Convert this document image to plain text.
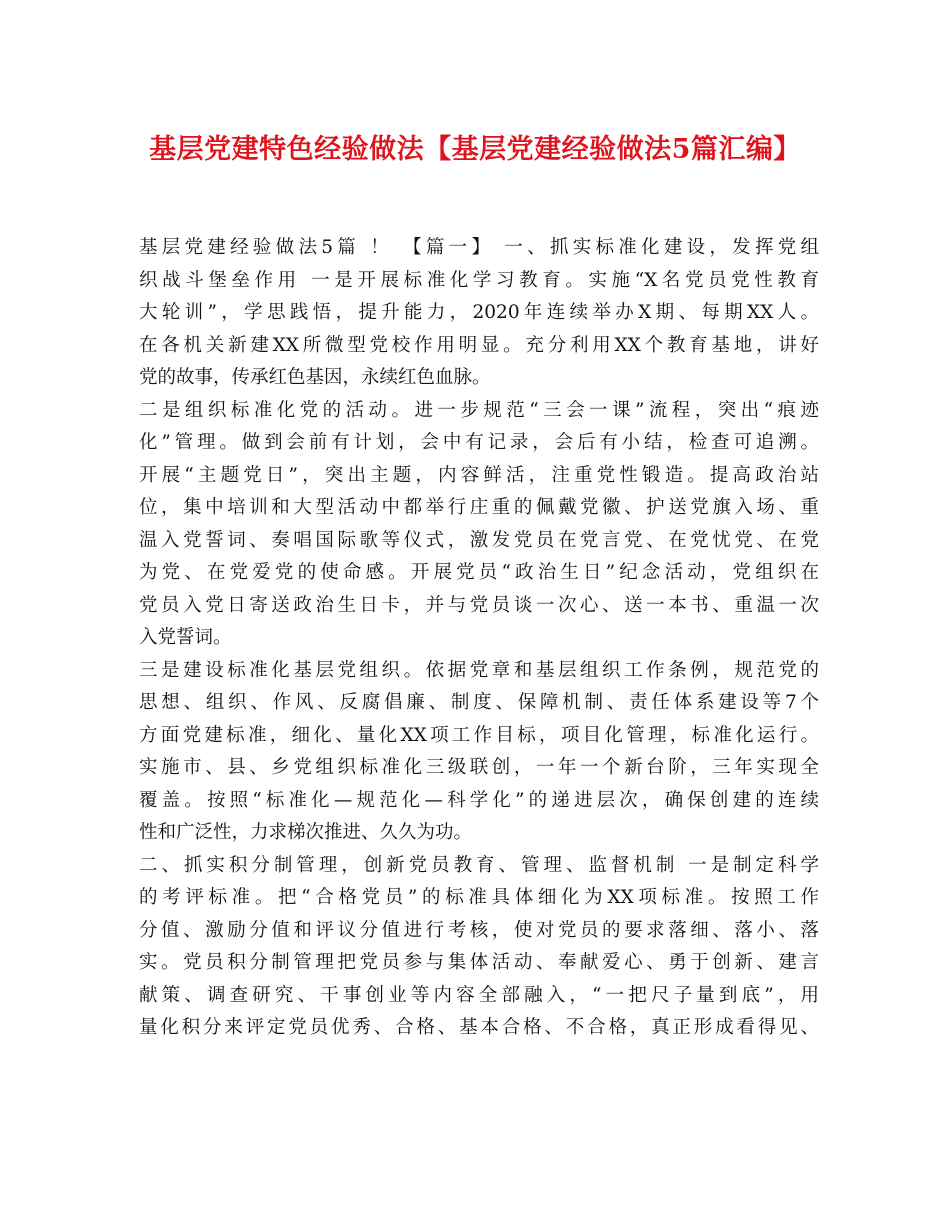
基层党建特色经验做法【基层党建经验做法5篇汇编】
基层党建经验做法5篇 ！ 【篇一】 一、抓实标准化建设，发挥党组
织战斗堡垒作用 一是开展标准化学习教育。实施“X名党员党性教育
大轮训”，学思践悟，提升能力，2020年连续举办X期、每期XX人。
在各机关新建XX所微型党校作用明显。充分利用XX个教育基地，讲好
党的故事，传承红色基因，永续红色血脉。
二是组织标准化党的活动。进一步规范“三会一课”流程，突出“痕迹
化”管理。做到会前有计划，会中有记录，会后有小结，检查可追溯。
开展“主题党日”，突出主题，内容鲜活，注重党性锻造。提高政治站
位，集中培训和大型活动中都举行庄重的佩戴党徽、护送党旗入场、重
温入党誓词、奏唱国际歌等仪式，激发党员在党言党、在党忧党、在党
为党、在党爱党的使命感。开展党员“政治生日”纪念活动，党组织在
党员入党日寄送政治生日卡，并与党员谈一次心、送一本书、重温一次
入党誓词。
三是建设标准化基层党组织。依据党章和基层组织工作条例，规范党的
思想、组织、作风、反腐倡廉、制度、保障机制、责任体系建设等7个
方面党建标准，细化、量化XX项工作目标，项目化管理，标准化运行。
实施市、县、乡党组织标准化三级联创，一年一个新台阶，三年实现全
覆盖。按照“标准化—规范化—科学化”的递进层次，确保创建的连续
性和广泛性，力求梯次推进、久久为功。
二、抓实积分制管理，创新党员教育、管理、监督机制 一是制定科学
的考评标准。把“合格党员”的标准具体细化为XX项标准。按照工作
分值、激励分值和评议分值进行考核，使对党员的要求落细、落小、落
实。党员积分制管理把党员参与集体活动、奉献爱心、勇于创新、建言
献策、调查研究、干事创业等内容全部融入，“一把尺子量到底”，用
量化积分来评定党员优秀、合格、基本合格、不合格，真正形成看得见、
